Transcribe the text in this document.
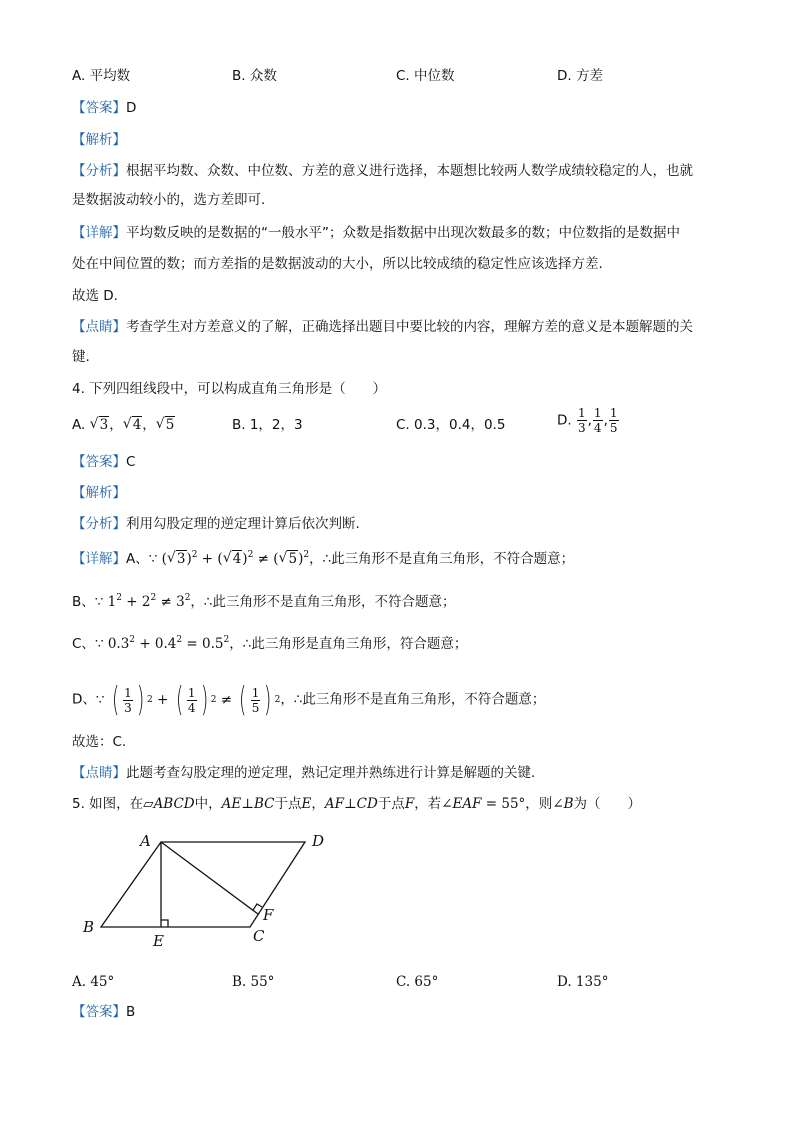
A. 平均数	B. 众数	C. 中位数	D. 方差
【答案】D
【解析】
【分析】根据平均数、众数、中位数、方差的意义进行选择，本题想比较两人数学成绩较稳定的人，也就
是数据波动较小的，选方差即可.
【详解】平均数反映的是数据的“一般水平”；众数是指数据中出现次数最多的数；中位数指的是数据中
处在中间位置的数；而方差指的是数据波动的大小，所以比较成绩的稳定性应该选择方差.
故选 D.
【点睛】考查学生对方差意义的了解，正确选择出题目中要比较的内容，理解方差的意义是本题解题的关
键.
4. 下列四组线段中，可以构成直角三角形是（　　）
A. √ 3， √ 4， √ 5	B. 1，2，3	C. 0.3，0.4，0.5	D. $\frac{1}{3}$ , $\frac{1}{4}$ , $\frac{1}{5}$
【答案】C
【解析】
【分析】利用勾股定理的逆定理计算后依次判断.
【详解】A、∵ ( √ 3)$^2$ + ( √ 4)$^2$ ≠ ( √ 5)$^2$，∴此三角形不是直角三角形，不符合题意；
B、∵ $1^2 + 2^2 \ne 3^2$，∴此三角形不是直角三角形，不符合题意；
C、∵ $0.3^2 + 0.4^2 = 0.5^2$，∴此三角形是直角三角形，符合题意；
D、∵ ( $\frac{1}{3}$ ) 2 + ( $\frac{1}{4}$ ) 2 ≠ ( $\frac{1}{5}$ ) 2 ，∴此三角形不是直角三角形，不符合题意；
故选：C.
【点睛】此题考查勾股定理的逆定理，熟记定理并熟练进行计算是解题的关键.
5. 如图，在▱ABCD中，AE⊥BC于点E，AF⊥CD于点F，若∠EAF = 55°，则∠B为（　　）
A	D
B
E	C
F
A. 45°	B. 55°	C. 65°	D. 135°
【答案】B
